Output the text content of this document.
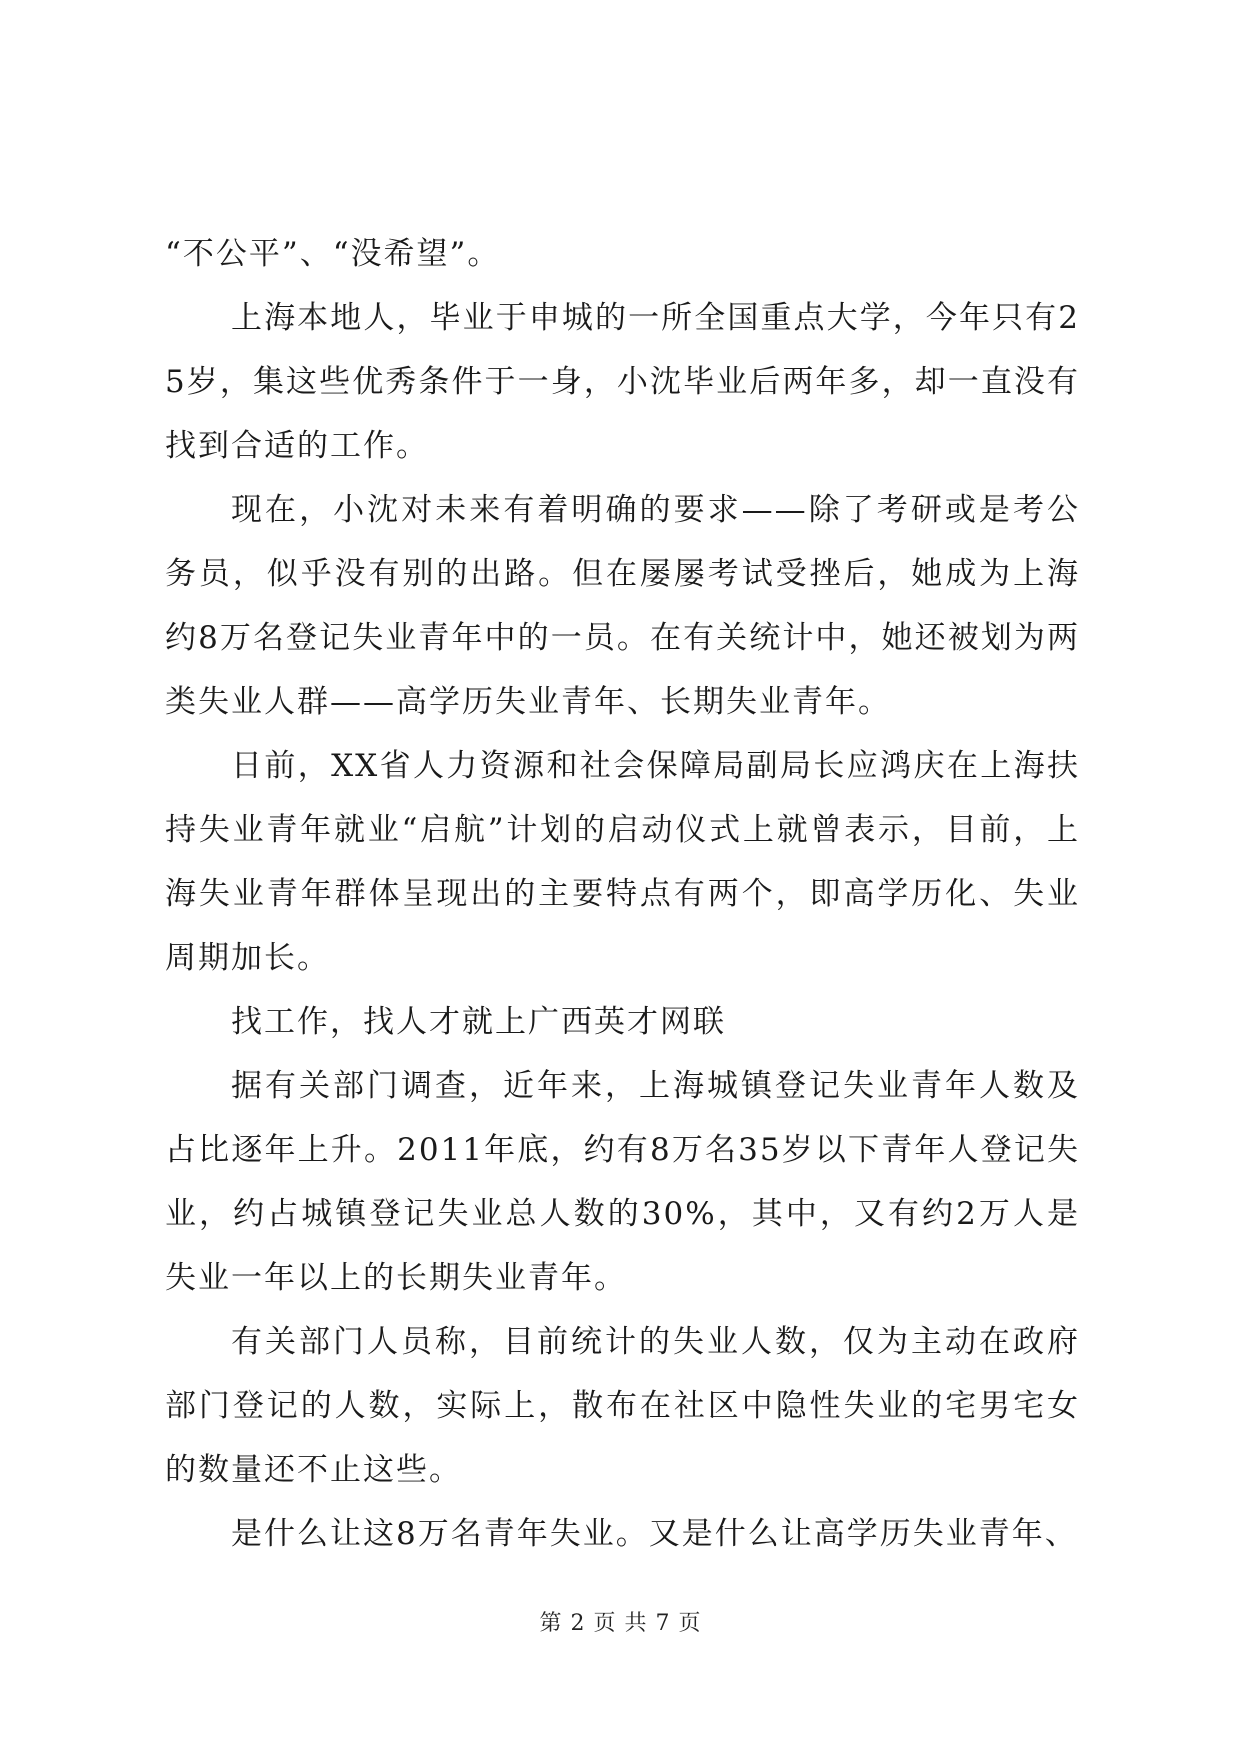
“不公平”、“没希望”。

上海本地人，毕业于申城的一所全国重点大学，今年只有25岁，集这些优秀条件于一身，小沈毕业后两年多，却一直没有找到合适的工作。

现在，小沈对未来有着明确的要求——除了考研或是考公务员，似乎没有别的出路。但在屡屡考试受挫后，她成为上海约8万名登记失业青年中的一员。在有关统计中，她还被划为两类失业人群——高学历失业青年、长期失业青年。

日前，XX省人力资源和社会保障局副局长应鸿庆在上海扶持失业青年就业“启航”计划的启动仪式上就曾表示，目前，上海失业青年群体呈现出的主要特点有两个，即高学历化、失业周期加长。

找工作，找人才就上广西英才网联

据有关部门调查，近年来，上海城镇登记失业青年人数及占比逐年上升。2011年底，约有8万名35岁以下青年人登记失业，约占城镇登记失业总人数的30%，其中，又有约2万人是失业一年以上的长期失业青年。

有关部门人员称，目前统计的失业人数，仅为主动在政府部门登记的人数，实际上，散布在社区中隐性失业的宅男宅女的数量还不止这些。

是什么让这8万名青年失业。又是什么让高学历失业青年、

第 2 页 共 7 页
